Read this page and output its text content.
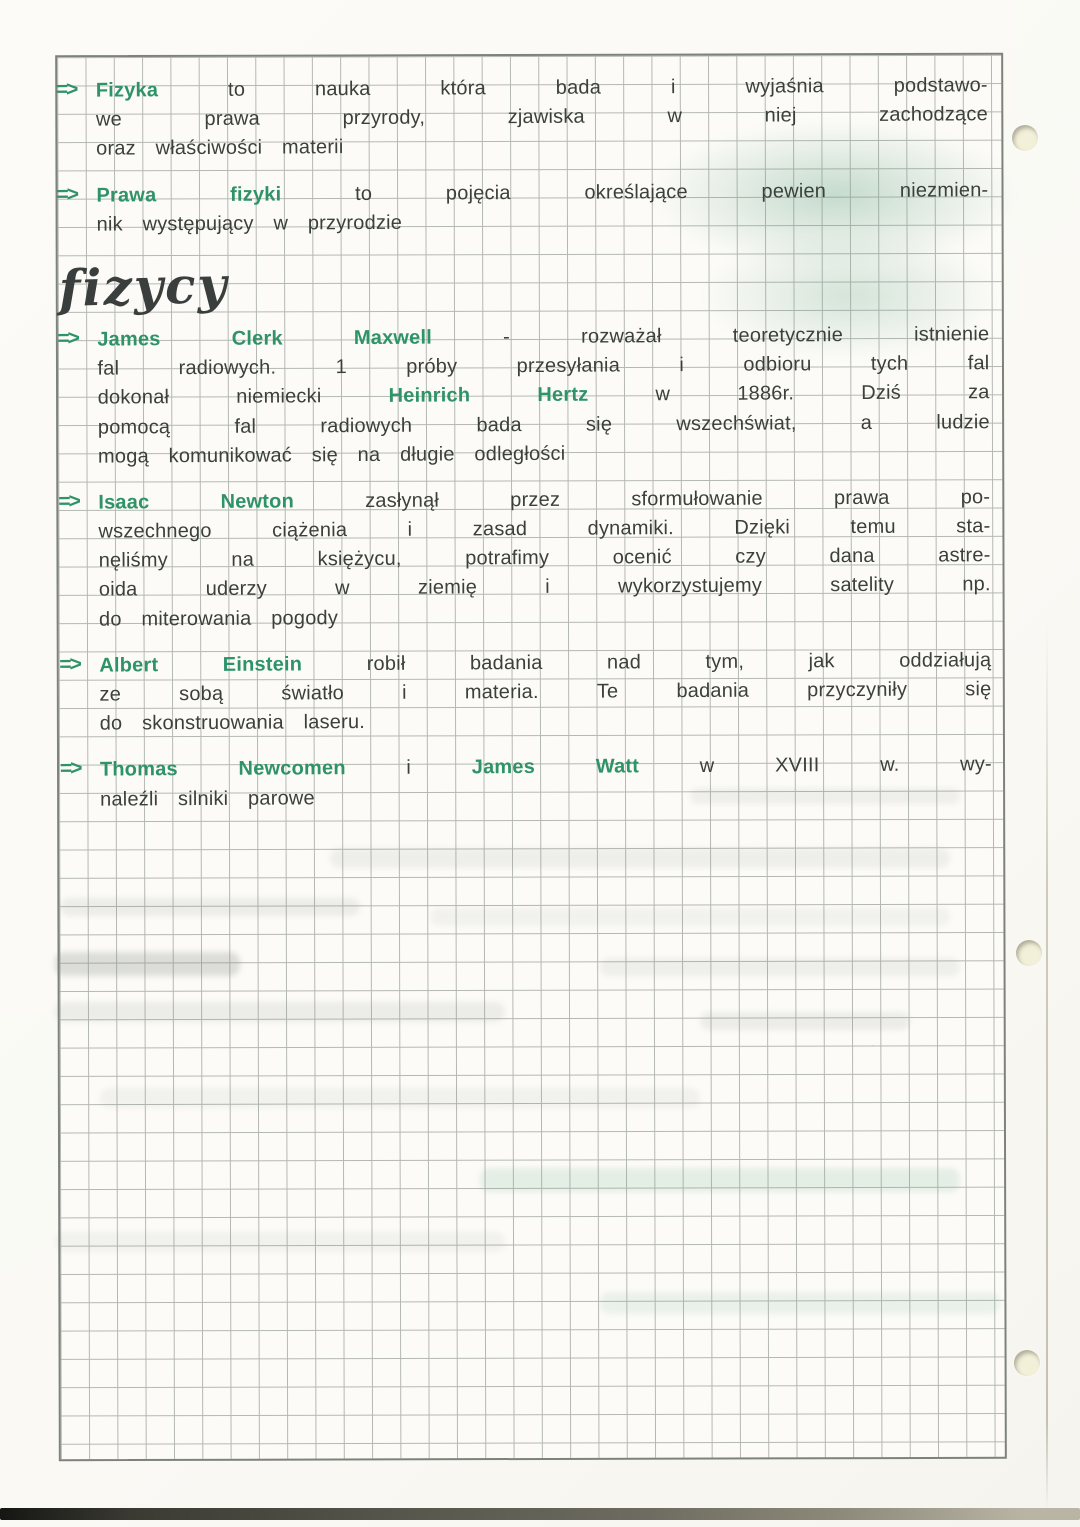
=> Fizyka	to	nauka	która	bada	i	wyjaśnia	podstawo-
we	prawa	przyrody,	zjawiska	w	niej	zachodzące
oraz właściwości materii
=> Prawa	fizyki	to	pojęcia	określające	pewien	niezmien-
nik występujący w przyrodzie
fizycy
=> James	Clerk	Maxwell	-	rozważał	teoretycznie	istnienie
fal	radiowych.	1	próby	przesyłania	i	odbioru	tych	fal
dokonał	niemiecki	Heinrich	Hertz	w	1886r.	Dziś	za
pomocą	fal	radiowych	bada	się	wszechświat,	a	ludzie
mogą komunikować się na długie odległości
=> Isaac	Newton	zasłynął	przez	sformułowanie	prawa	po-
wszechnego	ciążenia	i	zasad	dynamiki.	Dzięki	temu	sta-
nęliśmy	na	księżycu,	potrafimy	ocenić	czy	dana	astre-
oida	uderzy	w	ziemię	i	wykorzystujemy	satelity	np.
do miterowania pogody
=> Albert	Einstein	robił	badania	nad	tym,	jak	oddziałują
ze	sobą	światło	i	materia.	Te	badania	przyczyniły	się
do skonstruowania laseru.
=> Thomas	Newcomen	i	James	Watt	w	XVIII	w.	wy-
naleźli silniki parowe
